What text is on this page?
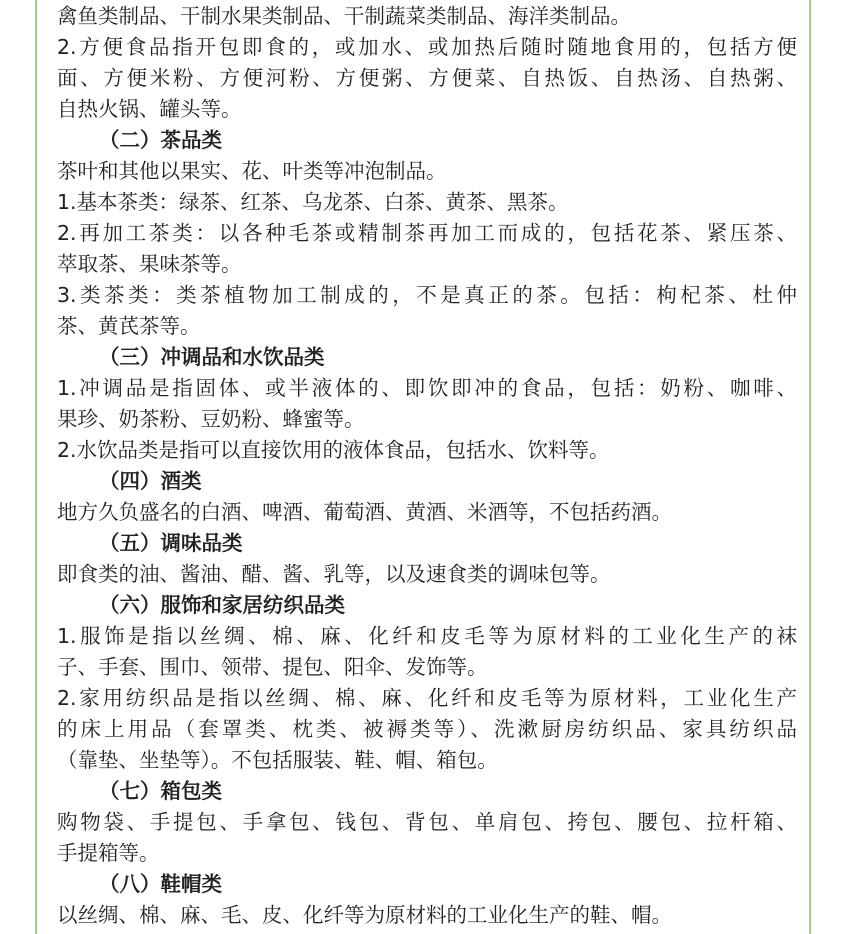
禽鱼类制品、干制水果类制品、干制蔬菜类制品、海洋类制品。
2.方便食品指开包即食的，或加水、或加热后随时随地食用的，包括方便
面、方便米粉、方便河粉、方便粥、方便菜、自热饭、自热汤、自热粥、
自热火锅、罐头等。
（二）茶品类
茶叶和其他以果实、花、叶类等冲泡制品。
1.基本茶类：绿茶、红茶、乌龙茶、白茶、黄茶、黑茶。
2.再加工茶类：以各种毛茶或精制茶再加工而成的，包括花茶、紧压茶、
萃取茶、果味茶等。
3.类茶类：类茶植物加工制成的，不是真正的茶。包括：枸杞茶、杜仲
茶、黄芪茶等。
（三）冲调品和水饮品类
1.冲调品是指固体、或半液体的、即饮即冲的食品，包括：奶粉、咖啡、
果珍、奶茶粉、豆奶粉、蜂蜜等。
2.水饮品类是指可以直接饮用的液体食品，包括水、饮料等。
（四）酒类
地方久负盛名的白酒、啤酒、葡萄酒、黄酒、米酒等，不包括药酒。
（五）调味品类
即食类的油、酱油、醋、酱、乳等，以及速食类的调味包等。
（六）服饰和家居纺织品类
1.服饰是指以丝绸、棉、麻、化纤和皮毛等为原材料的工业化生产的袜
子、手套、围巾、领带、提包、阳伞、发饰等。
2.家用纺织品是指以丝绸、棉、麻、化纤和皮毛等为原材料，工业化生产
的床上用品（套罩类、枕类、被褥类等）、洗漱厨房纺织品、家具纺织品
（靠垫、坐垫等）。不包括服装、鞋、帽、箱包。
（七）箱包类
购物袋、手提包、手拿包、钱包、背包、单肩包、挎包、腰包、拉杆箱、
手提箱等。
（八）鞋帽类
以丝绸、棉、麻、毛、皮、化纤等为原材料的工业化生产的鞋、帽。
